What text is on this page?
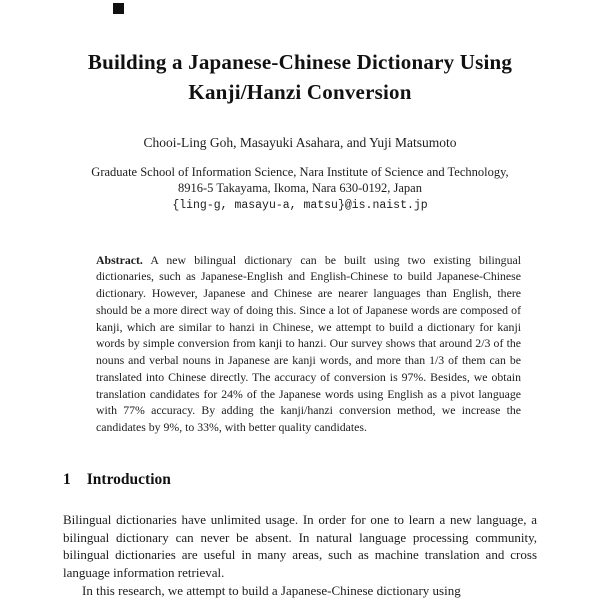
Building a Japanese-Chinese Dictionary Using
Kanji/Hanzi Conversion
Chooi-Ling Goh, Masayuki Asahara, and Yuji Matsumoto
Graduate School of Information Science, Nara Institute of Science and Technology,
8916-5 Takayama, Ikoma, Nara 630-0192, Japan
{ling-g, masayu-a, matsu}@is.naist.jp
Abstract. A new bilingual dictionary can be built using two existing bilingual dictionaries, such as Japanese-English and English-Chinese to build Japanese-Chinese dictionary. However, Japanese and Chinese are nearer languages than English, there should be a more direct way of doing this. Since a lot of Japanese words are composed of kanji, which are similar to hanzi in Chinese, we attempt to build a dictionary for kanji words by simple conversion from kanji to hanzi. Our survey shows that around 2/3 of the nouns and verbal nouns in Japanese are kanji words, and more than 1/3 of them can be translated into Chinese directly. The accuracy of conversion is 97%. Besides, we obtain translation candidates for 24% of the Japanese words using English as a pivot language with 77% accuracy. By adding the kanji/hanzi conversion method, we increase the candidates by 9%, to 33%, with better quality candidates.
1 Introduction

Bilingual dictionaries have unlimited usage. In order for one to learn a new language, a bilingual dictionary can never be absent. In natural language processing community, bilingual dictionaries are useful in many areas, such as machine translation and cross language information retrieval.

In this research, we attempt to build a Japanese-Chinese dictionary using
